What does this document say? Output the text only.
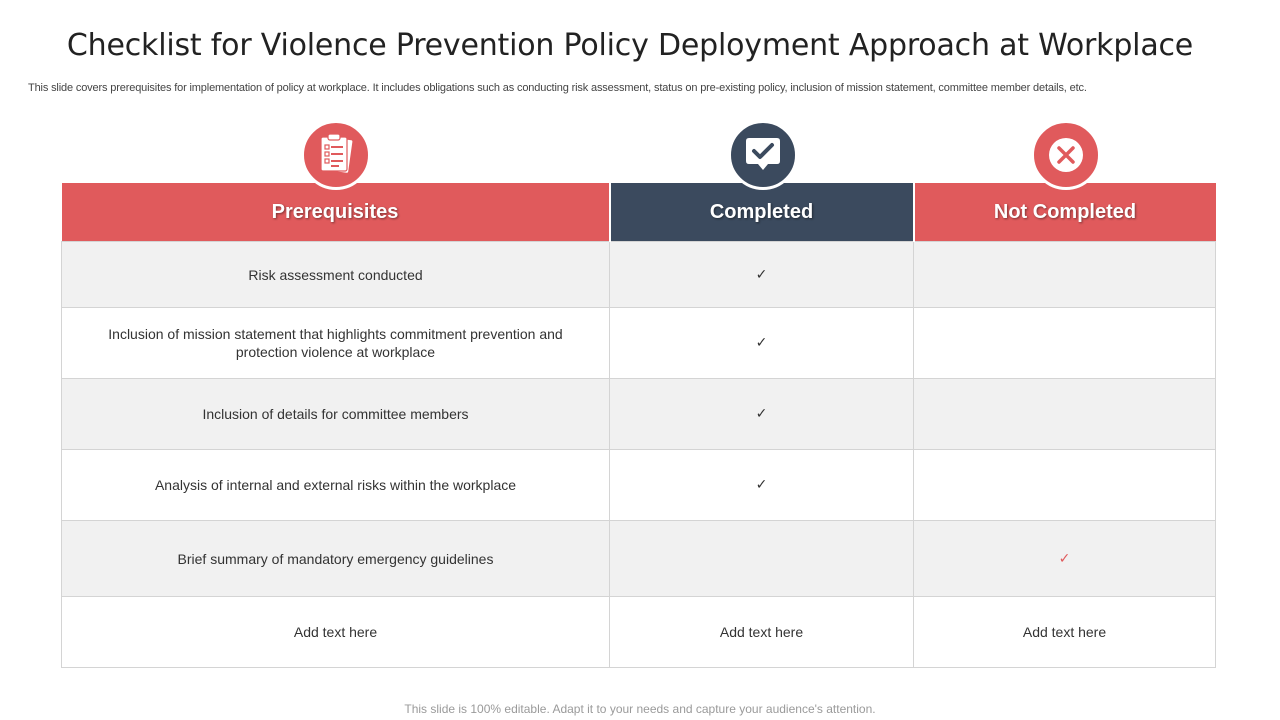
Checklist for Violence Prevention Policy Deployment Approach at Workplace
This slide covers prerequisites for implementation of policy at workplace. It includes obligations such as conducting risk assessment, status on pre-existing policy, inclusion of mission statement, committee member details, etc.
Prerequisites	Completed	Not Completed
Risk assessment conducted	✓	
Inclusion of mission statement that highlights commitment prevention and protection violence at workplace	✓	
Inclusion of details for committee members	✓	
Analysis of internal and external risks within the workplace	✓	
Brief summary of mandatory emergency guidelines		✓
Add text here	Add text here	Add text here
This slide is 100% editable. Adapt it to your needs and capture your audience's attention.
